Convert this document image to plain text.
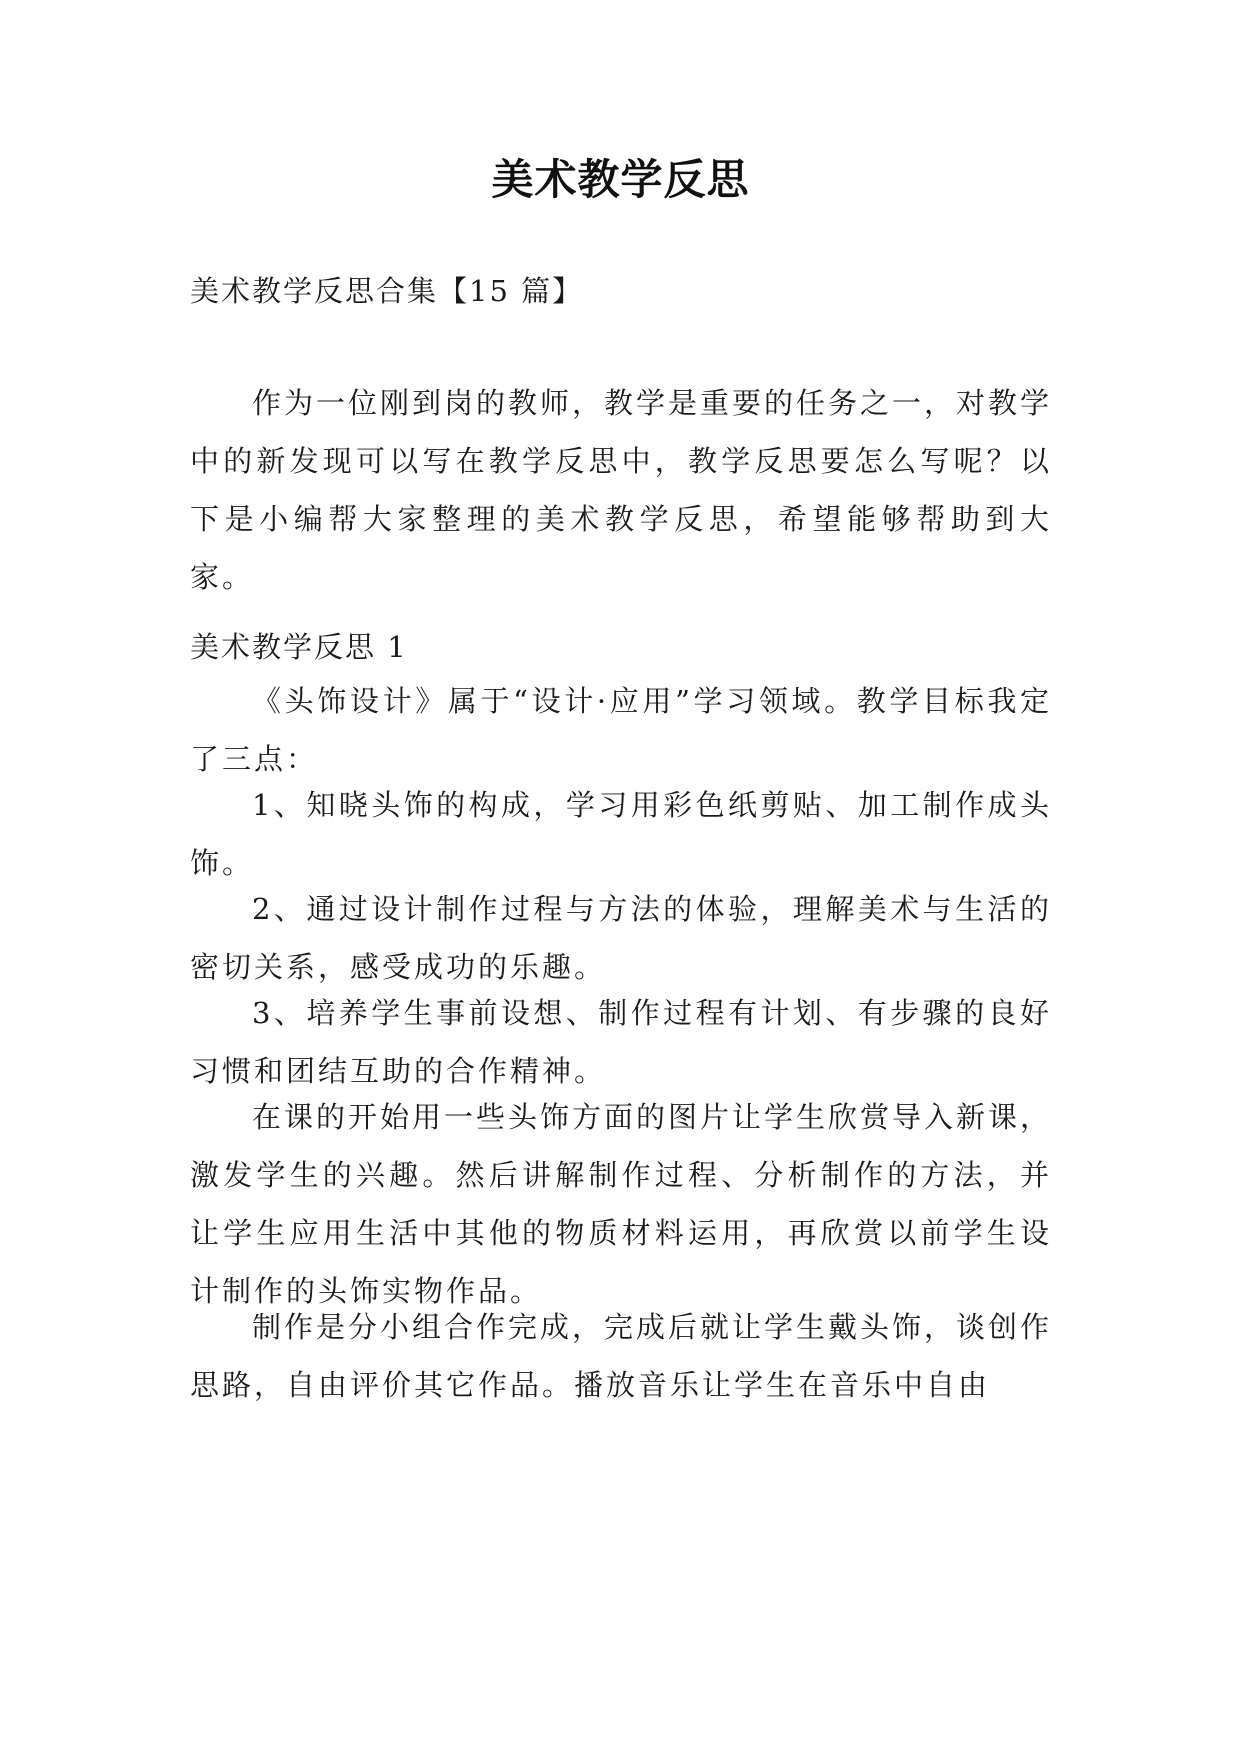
美术教学反思
美术教学反思合集【15 篇】

作为一位刚到岗的教师，教学是重要的任务之一，对教学中的新发现可以写在教学反思中，教学反思要怎么写呢？以下是小编帮大家整理的美术教学反思，希望能够帮助到大家。

美术教学反思 1

《头饰设计》属于“设计·应用”学习领域。教学目标我定了三点：

1、知晓头饰的构成，学习用彩色纸剪贴、加工制作成头饰。

2、通过设计制作过程与方法的体验，理解美术与生活的密切关系，感受成功的乐趣。

3、培养学生事前设想、制作过程有计划、有步骤的良好习惯和团结互助的合作精神。

在课的开始用一些头饰方面的图片让学生欣赏导入新课，激发学生的兴趣。然后讲解制作过程、分析制作的方法，并让学生应用生活中其他的物质材料运用，再欣赏以前学生设计制作的头饰实物作品。

制作是分小组合作完成，完成后就让学生戴头饰，谈创作思路，自由评价其它作品。播放音乐让学生在音乐中自由
